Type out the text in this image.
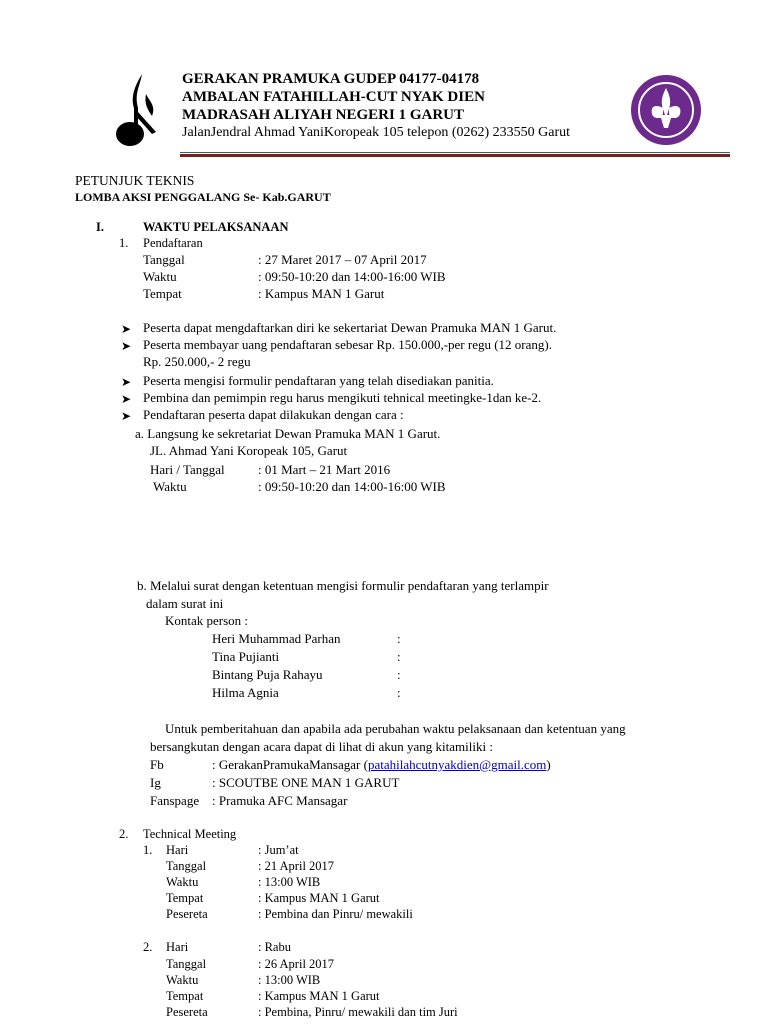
GERAKAN PRAMUKA GUDEP 04177-04178
AMBALAN FATAHILLAH-CUT NYAK DIEN
MADRASAH ALIYAH NEGERI 1 GARUT
JalanJendral Ahmad YaniKoropeak 105 telepon (0262) 233550 Garut
PETUNJUK TEKNIS
LOMBA AKSI PENGGALANG Se- Kab.GARUT
I.	WAKTU PELAKSANAAN
1. Pendaftaran
Tanggal	: 27 Maret 2017 – 07 April 2017
Waktu	: 09:50-10:20 dan 14:00-16:00 WIB
Tempat	: Kampus MAN 1 Garut
➤ Peserta dapat mengdaftarkan diri ke sekertariat Dewan Pramuka MAN 1 Garut.
➤ Peserta membayar uang pendaftaran sebesar Rp. 150.000,-per regu (12 orang).
Rp. 250.000,- 2 regu
➤ Peserta mengisi formulir pendaftaran yang telah disediakan panitia.
➤ Pembina dan pemimpin regu harus mengikuti tehnical meetingke-1dan ke-2.
➤ Pendaftaran peserta dapat dilakukan dengan cara :
a. Langsung ke sekretariat Dewan Pramuka MAN 1 Garut.
JL. Ahmad Yani Koropeak 105, Garut
Hari / Tanggal	: 01 Mart – 21 Mart 2016
Waktu	: 09:50-10:20 dan 14:00-16:00 WIB
b. Melalui surat dengan ketentuan mengisi formulir pendaftaran yang terlampir
dalam surat ini
Kontak person :
Heri Muhammad Parhan	:
Tina Pujianti	:
Bintang Puja Rahayu	:
Hilma Agnia	:
Untuk pemberitahuan dan apabila ada perubahan waktu pelaksanaan dan ketentuan yang
bersangkutan dengan acara dapat di lihat di akun yang kitamiliki :
Fb	: GerakanPramukaMansagar (patahilahcutnyakdien@gmail.com)
Ig	: SCOUTBE ONE MAN 1 GARUT
Fanspage : Pramuka AFC Mansagar
2. Technical Meeting
1. Hari	: Jum’at
Tanggal	: 21 April 2017
Waktu	: 13:00 WIB
Tempat	: Kampus MAN 1 Garut
Pesereta	: Pembina dan Pinru/ mewakili
2. Hari	: Rabu
Tanggal	: 26 April 2017
Waktu	: 13:00 WIB
Tempat	: Kampus MAN 1 Garut
Pesereta	: Pembina, Pinru/ mewakili dan tim Juri
